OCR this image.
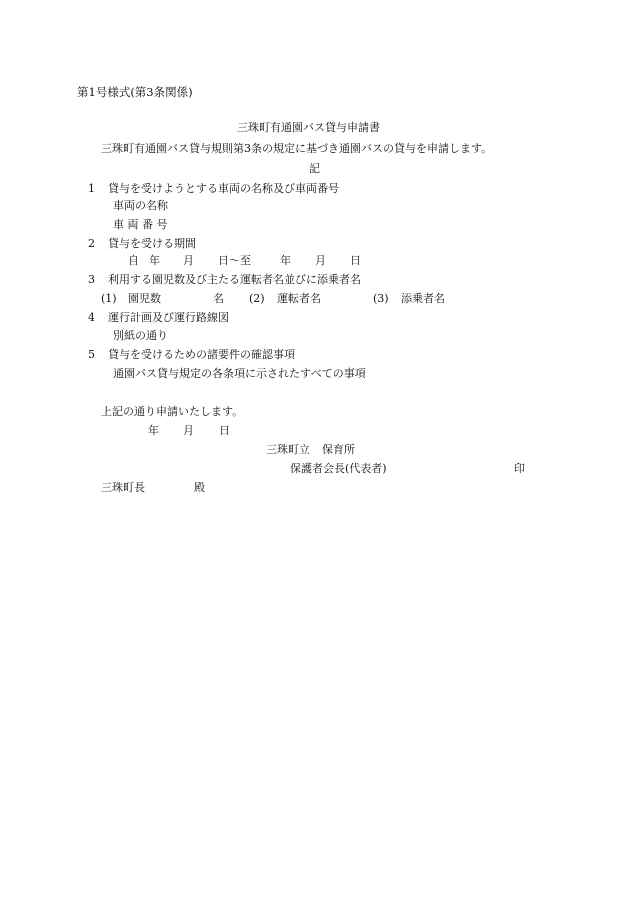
第1号様式(第3条関係)
三珠町有通園バス貸与申請書
三珠町有通園バス貸与規則第3条の規定に基づき通園バスの貸与を申請します。
記
1 貸与を受けようとする車両の名称及び車両番号
車両の名称
車 両 番 号
2 貸与を受ける期間
自 年 月 日〜至	年 月 日
3 利用する園児数及び主たる運転者名並びに添乗者名
(1) 園児数	名 (2) 運転者名	(3) 添乗者名
4 運行計画及び運行路線図
別紙の通り
5 貸与を受けるための諸要件の確認事項
通園バス貸与規定の各条項に示されたすべての事項
上記の通り申請いたします。
年 月 日
三珠町立 保育所
保護者会長(代表者)	印
三珠町長	殿
